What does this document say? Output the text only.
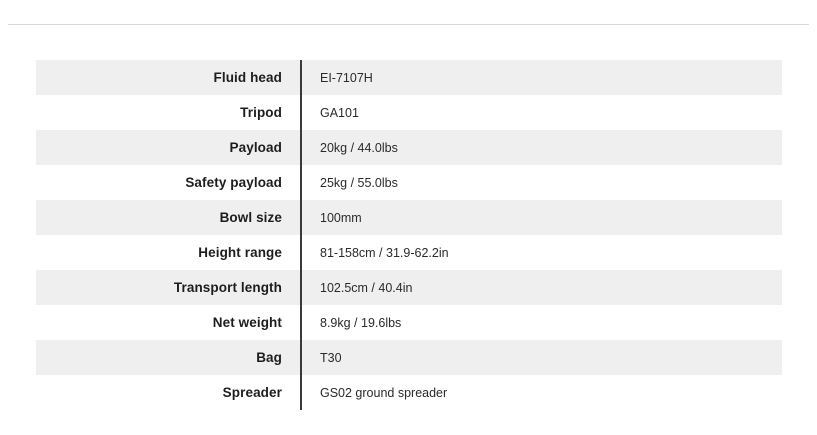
Fluid head		EI-7107H
Tripod		GA101
Payload		20kg / 44.0lbs
Safety payload		25kg / 55.0lbs
Bowl size		100mm
Height range		81-158cm / 31.9-62.2in
Transport length		102.5cm / 40.4in
Net weight		8.9kg / 19.6lbs
Bag		T30
Spreader		GS02 ground spreader
